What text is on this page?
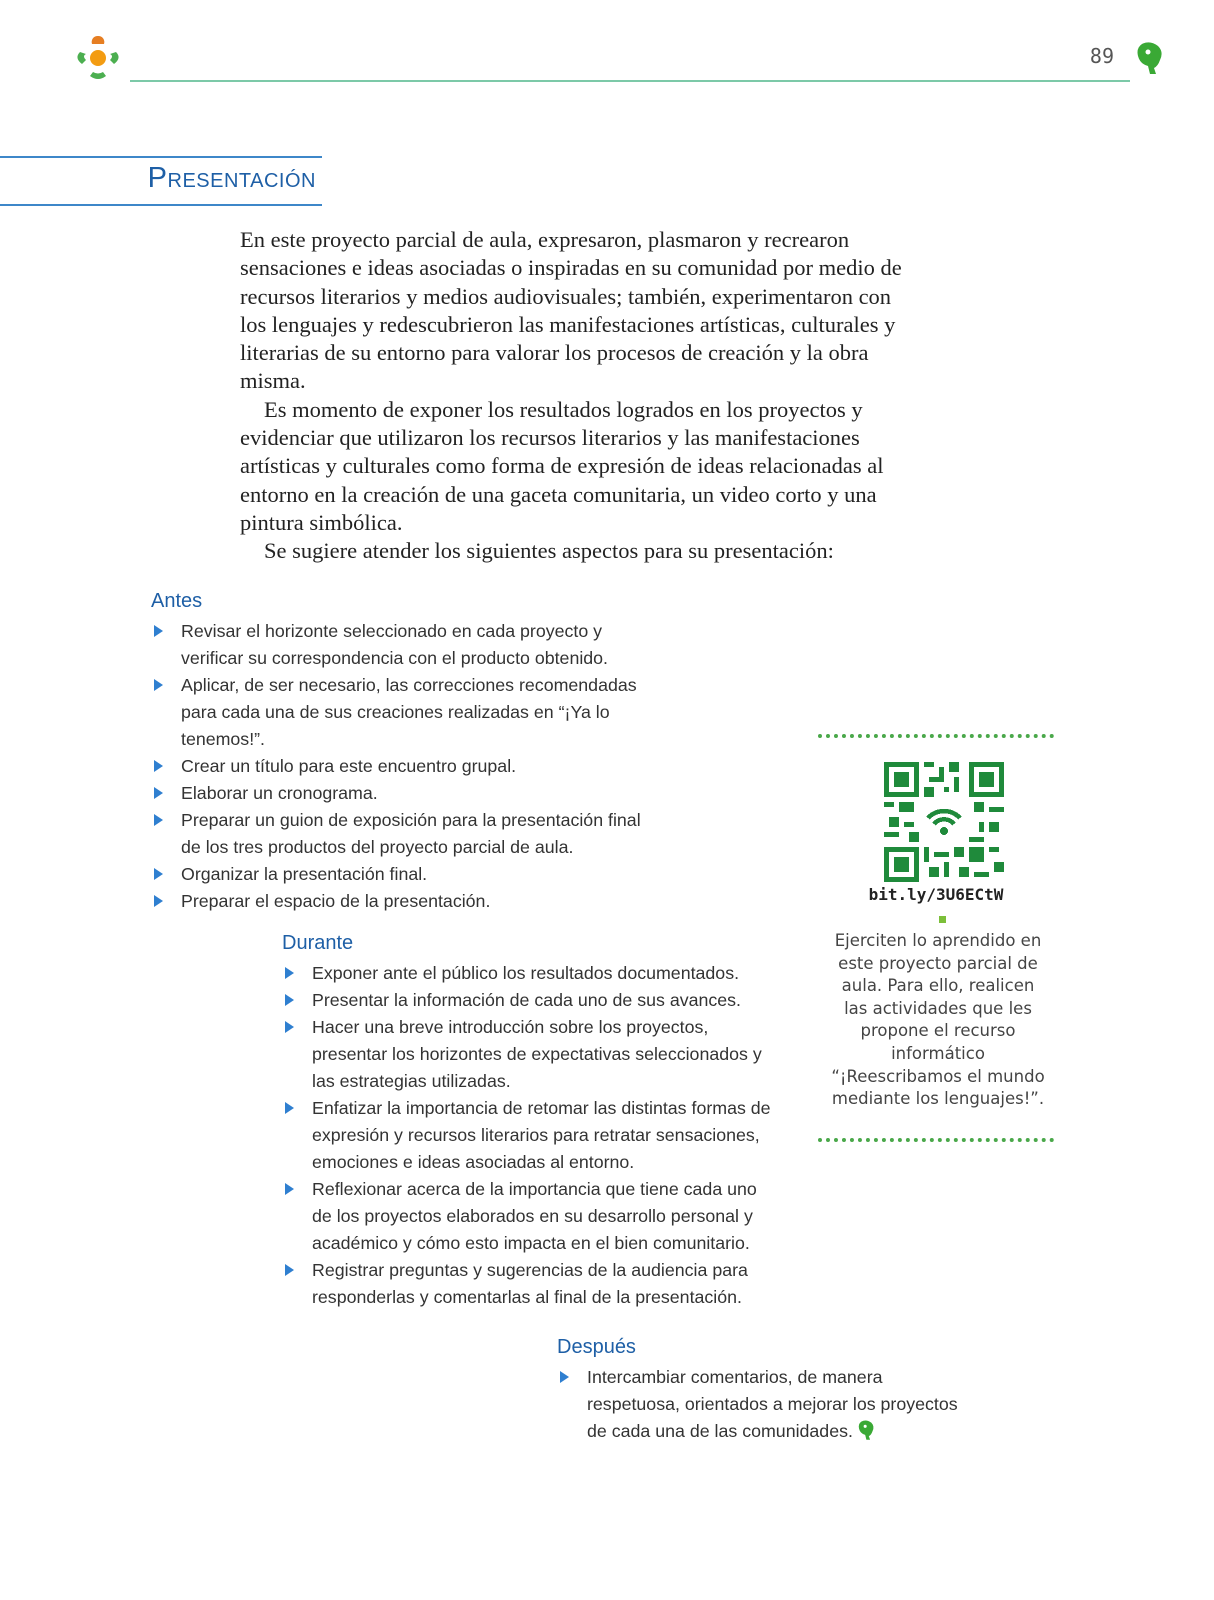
89
Presentación

En este proyecto parcial de aula, expresaron, plasmaron y recrearon sensaciones e ideas asociadas o inspiradas en su comunidad por medio de recursos literarios y medios audiovisuales; también, experimentaron con los lenguajes y redescubrieron las manifestaciones artísticas, culturales y literarias de su entorno para valorar los procesos de creación y la obra misma.

Es momento de exponer los resultados logrados en los proyectos y evidenciar que utilizaron los recursos literarios y las manifestaciones artísticas y culturales como forma de expresión de ideas relacionadas al entorno en la creación de una gaceta comunitaria, un video corto y una pintura simbólica.

Se sugiere atender los siguientes aspectos para su presentación:

Antes
Revisar el horizonte seleccionado en cada proyecto y verificar su correspondencia con el producto obtenido.
Aplicar, de ser necesario, las correcciones recomendadas para cada una de sus creaciones realizadas en “¡Ya lo tenemos!”.
Crear un título para este encuentro grupal.
Elaborar un cronograma.
Preparar un guion de exposición para la presentación final de los tres productos del proyecto parcial de aula.
Organizar la presentación final.
Preparar el espacio de la presentación.
Durante
Exponer ante el público los resultados documentados.
Presentar la información de cada uno de sus avances.
Hacer una breve introducción sobre los proyectos, presentar los horizontes de expectativas seleccionados y las estrategias utilizadas.
Enfatizar la importancia de retomar las distintas formas de expresión y recursos literarios para retratar sensaciones, emociones e ideas asociadas al entorno.
Reflexionar acerca de la importancia que tiene cada uno de los proyectos elaborados en su desarrollo personal y académico y cómo esto impacta en el bien comunitario.
Registrar preguntas y sugerencias de la audiencia para responderlas y comentarlas al final de la presentación.
Después
Intercambiar comentarios, de manera respetuosa, orientados a mejorar los proyectos de cada una de las comunidades.
bit.ly/3U6ECtW
Ejerciten lo aprendido en este proyecto parcial de aula. Para ello, realicen las actividades que les propone el recurso informático “¡Reescribamos el mundo mediante los lenguajes!”.
